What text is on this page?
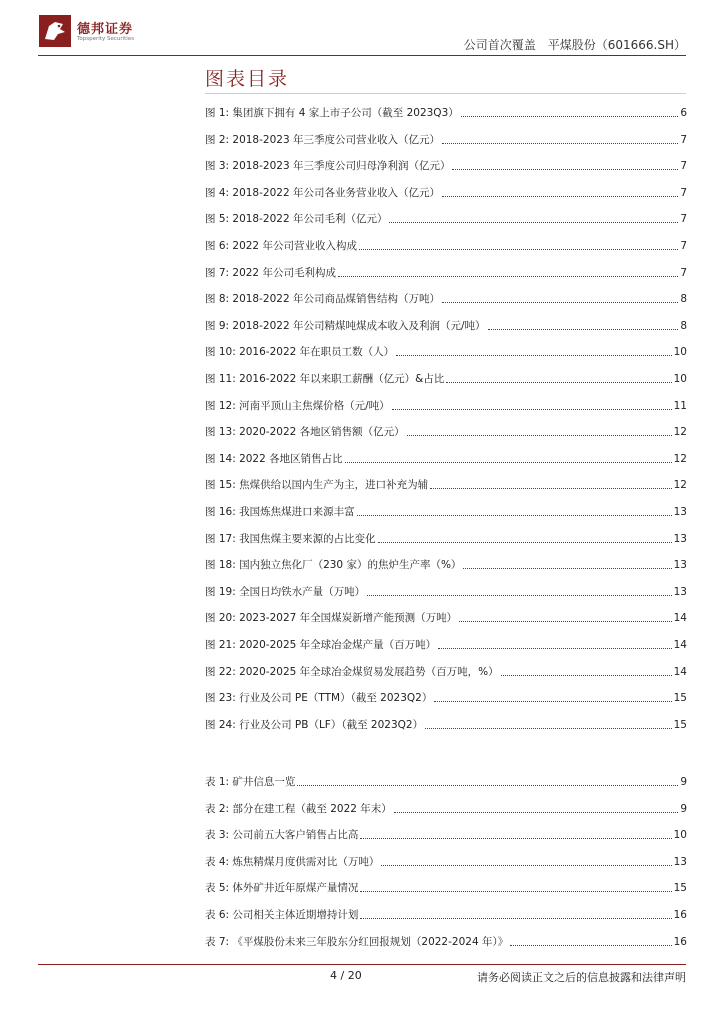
德邦证券
Topsperity Securities	公司首次覆盖　平煤股份（601666.SH）
图表目录
图 1: 集团旗下拥有 4 家上市子公司（截至 2023Q3）	6
图 2: 2018-2023 年三季度公司营业收入（亿元）	7
图 3: 2018-2023 年三季度公司归母净利润（亿元）	7
图 4: 2018-2022 年公司各业务营业收入（亿元）	7
图 5: 2018-2022 年公司毛利（亿元）	7
图 6: 2022 年公司营业收入构成	7
图 7: 2022 年公司毛利构成	7
图 8: 2018-2022 年公司商品煤销售结构（万吨）	8
图 9: 2018-2022 年公司精煤吨煤成本收入及利润（元/吨）	8
图 10: 2016-2022 年在职员工数（人）	10
图 11: 2016-2022 年以来职工薪酬（亿元）&占比	10
图 12: 河南平顶山主焦煤价格（元/吨）	11
图 13: 2020-2022 各地区销售额（亿元）	12
图 14: 2022 各地区销售占比	12
图 15: 焦煤供给以国内生产为主，进口补充为辅	12
图 16: 我国炼焦煤进口来源丰富	13
图 17: 我国焦煤主要来源的占比变化	13
图 18: 国内独立焦化厂（230 家）的焦炉生产率（%）	13
图 19: 全国日均铁水产量（万吨）	13
图 20: 2023-2027 年全国煤炭新增产能预测（万吨）	14
图 21: 2020-2025 年全球冶金煤产量（百万吨）	14
图 22: 2020-2025 年全球冶金煤贸易发展趋势（百万吨，%）	14
图 23: 行业及公司 PE（TTM）（截至 2023Q2）	15
图 24: 行业及公司 PB（LF）（截至 2023Q2）	15
表 1: 矿井信息一览	9
表 2: 部分在建工程（截至 2022 年末）	9
表 3: 公司前五大客户销售占比高	10
表 4: 炼焦精煤月度供需对比（万吨）	13
表 5: 体外矿井近年原煤产量情况	15
表 6: 公司相关主体近期增持计划	16
表 7: 《平煤股份未来三年股东分红回报规划（2022-2024 年）》	16
4 / 20	请务必阅读正文之后的信息披露和法律声明
